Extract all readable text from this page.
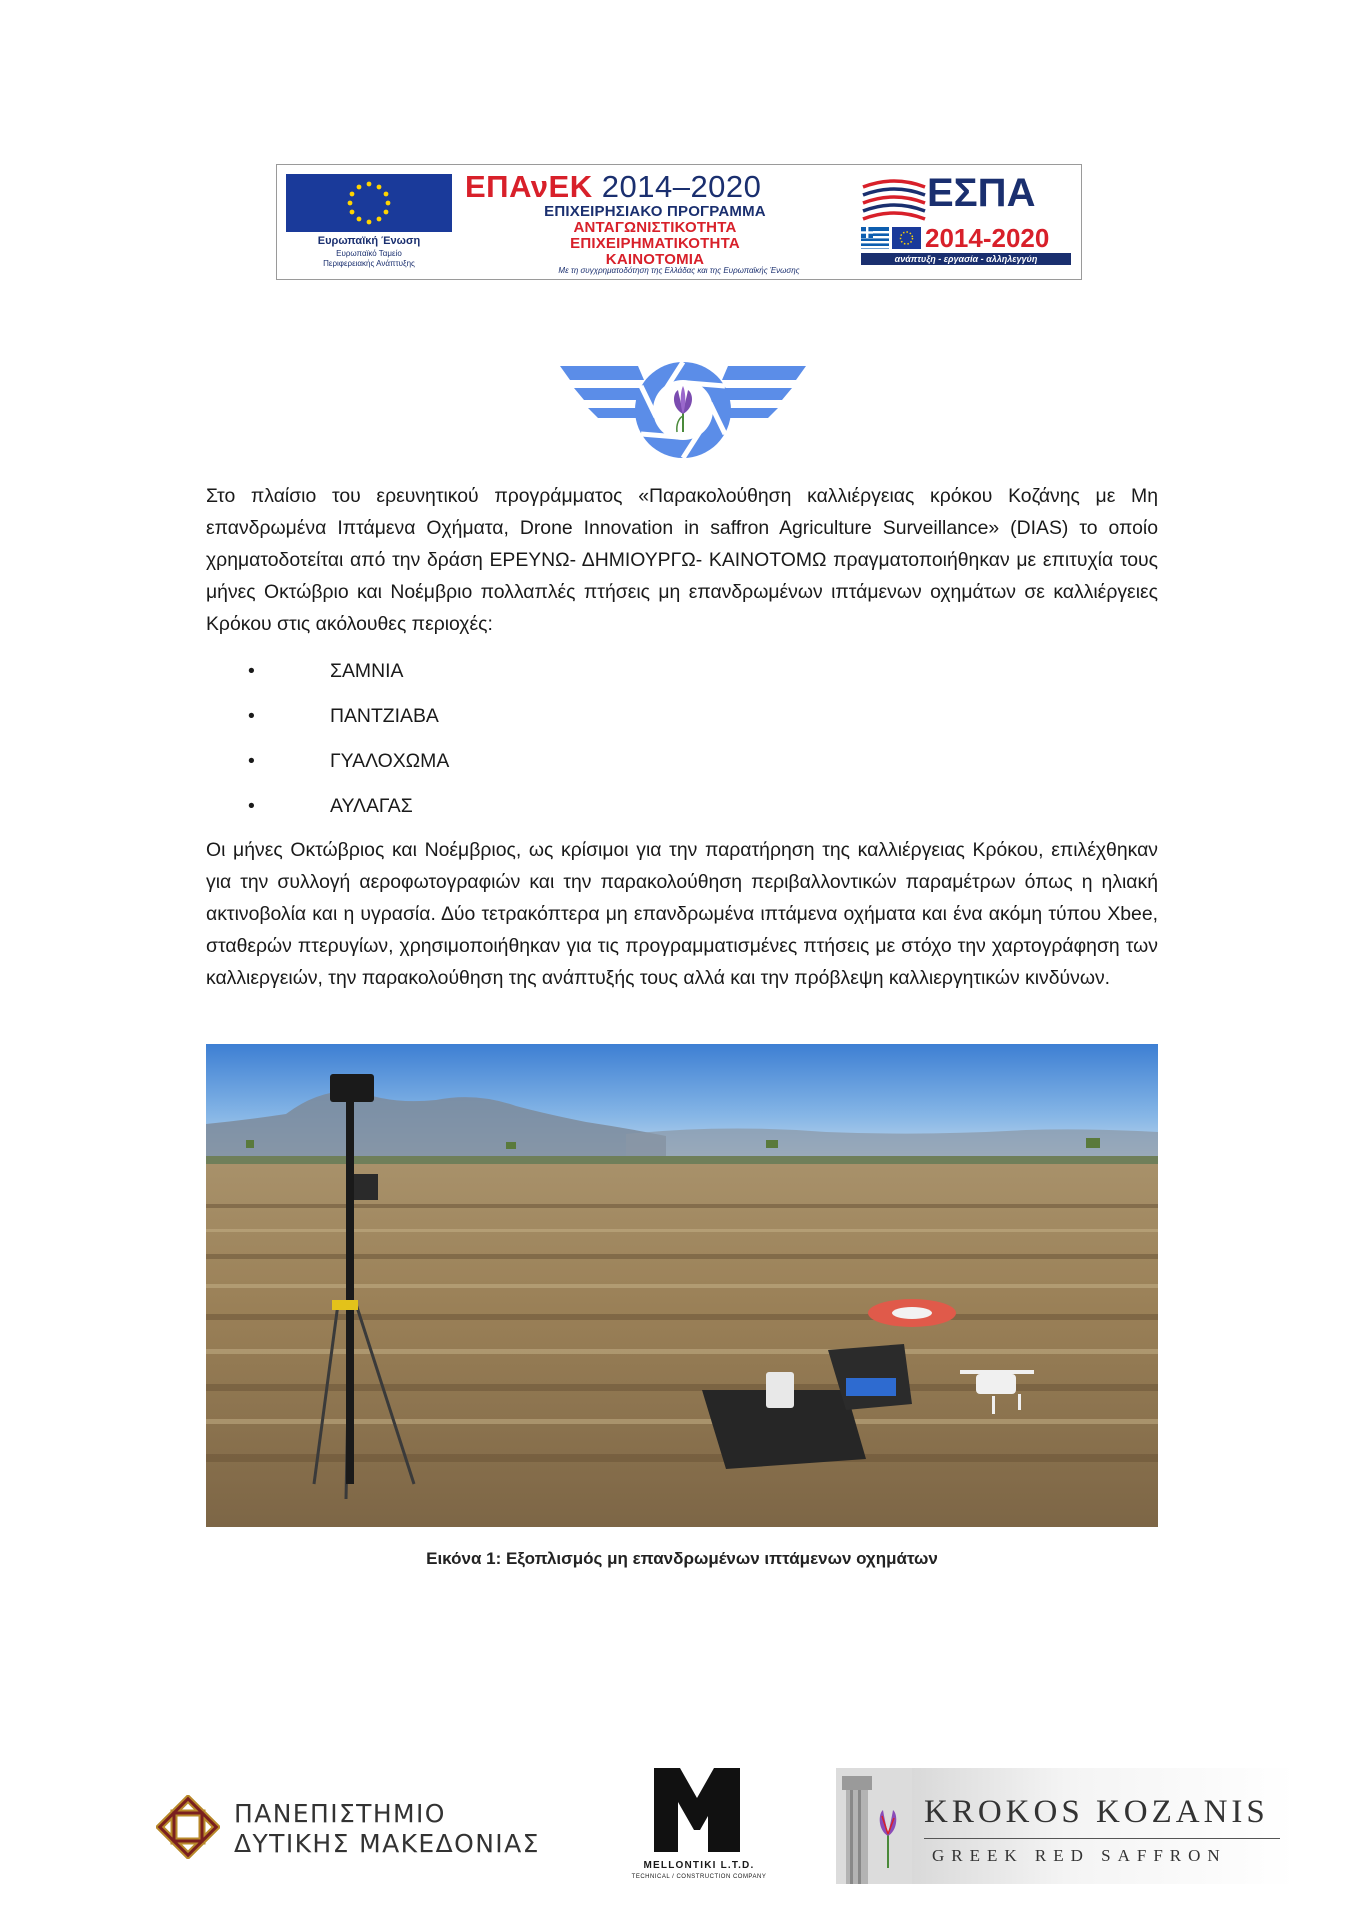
Ευρωπαϊκή Ένωση
Ευρωπαϊκό Ταμείο
Περιφερειακής Ανάπτυξης
ΕΠΑνΕΚ 2014–2020
ΕΠΙΧΕΙΡΗΣΙΑΚΟ ΠΡΟΓΡΑΜΜΑ
ΑΝΤΑΓΩΝΙΣΤΙΚΟΤΗΤΑ
ΕΠΙΧΕΙΡΗΜΑΤΙΚΟΤΗΤΑ
ΚΑΙΝΟΤΟΜΙΑ
ΕΣΠΑ
2014-2020
ανάπτυξη - εργασία - αλληλεγγύη
Με τη συγχρηματοδότηση της Ελλάδας και της Ευρωπαϊκής Ένωσης

Στο πλαίσιο του ερευνητικού προγράμματος «Παρακολούθηση καλλιέργειας κρόκου Κοζάνης με Μη επανδρωμένα Ιπτάμενα Οχήματα, Drone Innovation in saffron Agriculture Surveillance» (DIAS) το οποίο χρηματοδοτείται από την δράση ΕΡΕΥΝΩ- ΔΗΜΙΟΥΡΓΩ- ΚΑΙΝΟΤΟΜΩ πραγματοποιήθηκαν με επιτυχία τους μήνες Οκτώβριο και Νοέμβριο πολλαπλές πτήσεις μη επανδρωμένων ιπτάμενων οχημάτων σε καλλιέργειες Κρόκου στις ακόλουθες περιοχές:

•	ΣΑΜΝΙΑ
•	ΠΑΝΤΖΙΑΒΑ
•	ΓΥΑΛΟΧΩΜΑ
•	ΑΥΛΑΓΑΣ

Οι μήνες Οκτώβριος και Νοέμβριος, ως κρίσιμοι για την παρατήρηση της καλλιέργειας Κρόκου, επιλέχθηκαν για την συλλογή αεροφωτογραφιών και την παρακολούθηση περιβαλλοντικών παραμέτρων όπως η ηλιακή ακτινοβολία και η υγρασία. Δύο τετρακόπτερα μη επανδρωμένα ιπτάμενα οχήματα και ένα ακόμη τύπου Xbee, σταθερών πτερυγίων, χρησιμοποιήθηκαν για τις προγραμματισμένες πτήσεις με στόχο την χαρτογράφηση των καλλιεργειών, την παρακολούθηση της ανάπτυξής τους αλλά και την πρόβλεψη καλλιεργητικών κινδύνων.

Εικόνα 1: Εξοπλισμός μη επανδρωμένων ιπτάμενων οχημάτων
ΠΑΝΕΠΙΣΤΗΜΙΟ
ΔΥΤΙΚΗΣ ΜΑΚΕΔΟΝΙΑΣ
MELLONTIKI L.T.D.
TECHNICAL / CONSTRUCTION COMPANY
KROKOS KOZANIS
GREEK RED SAFFRON
